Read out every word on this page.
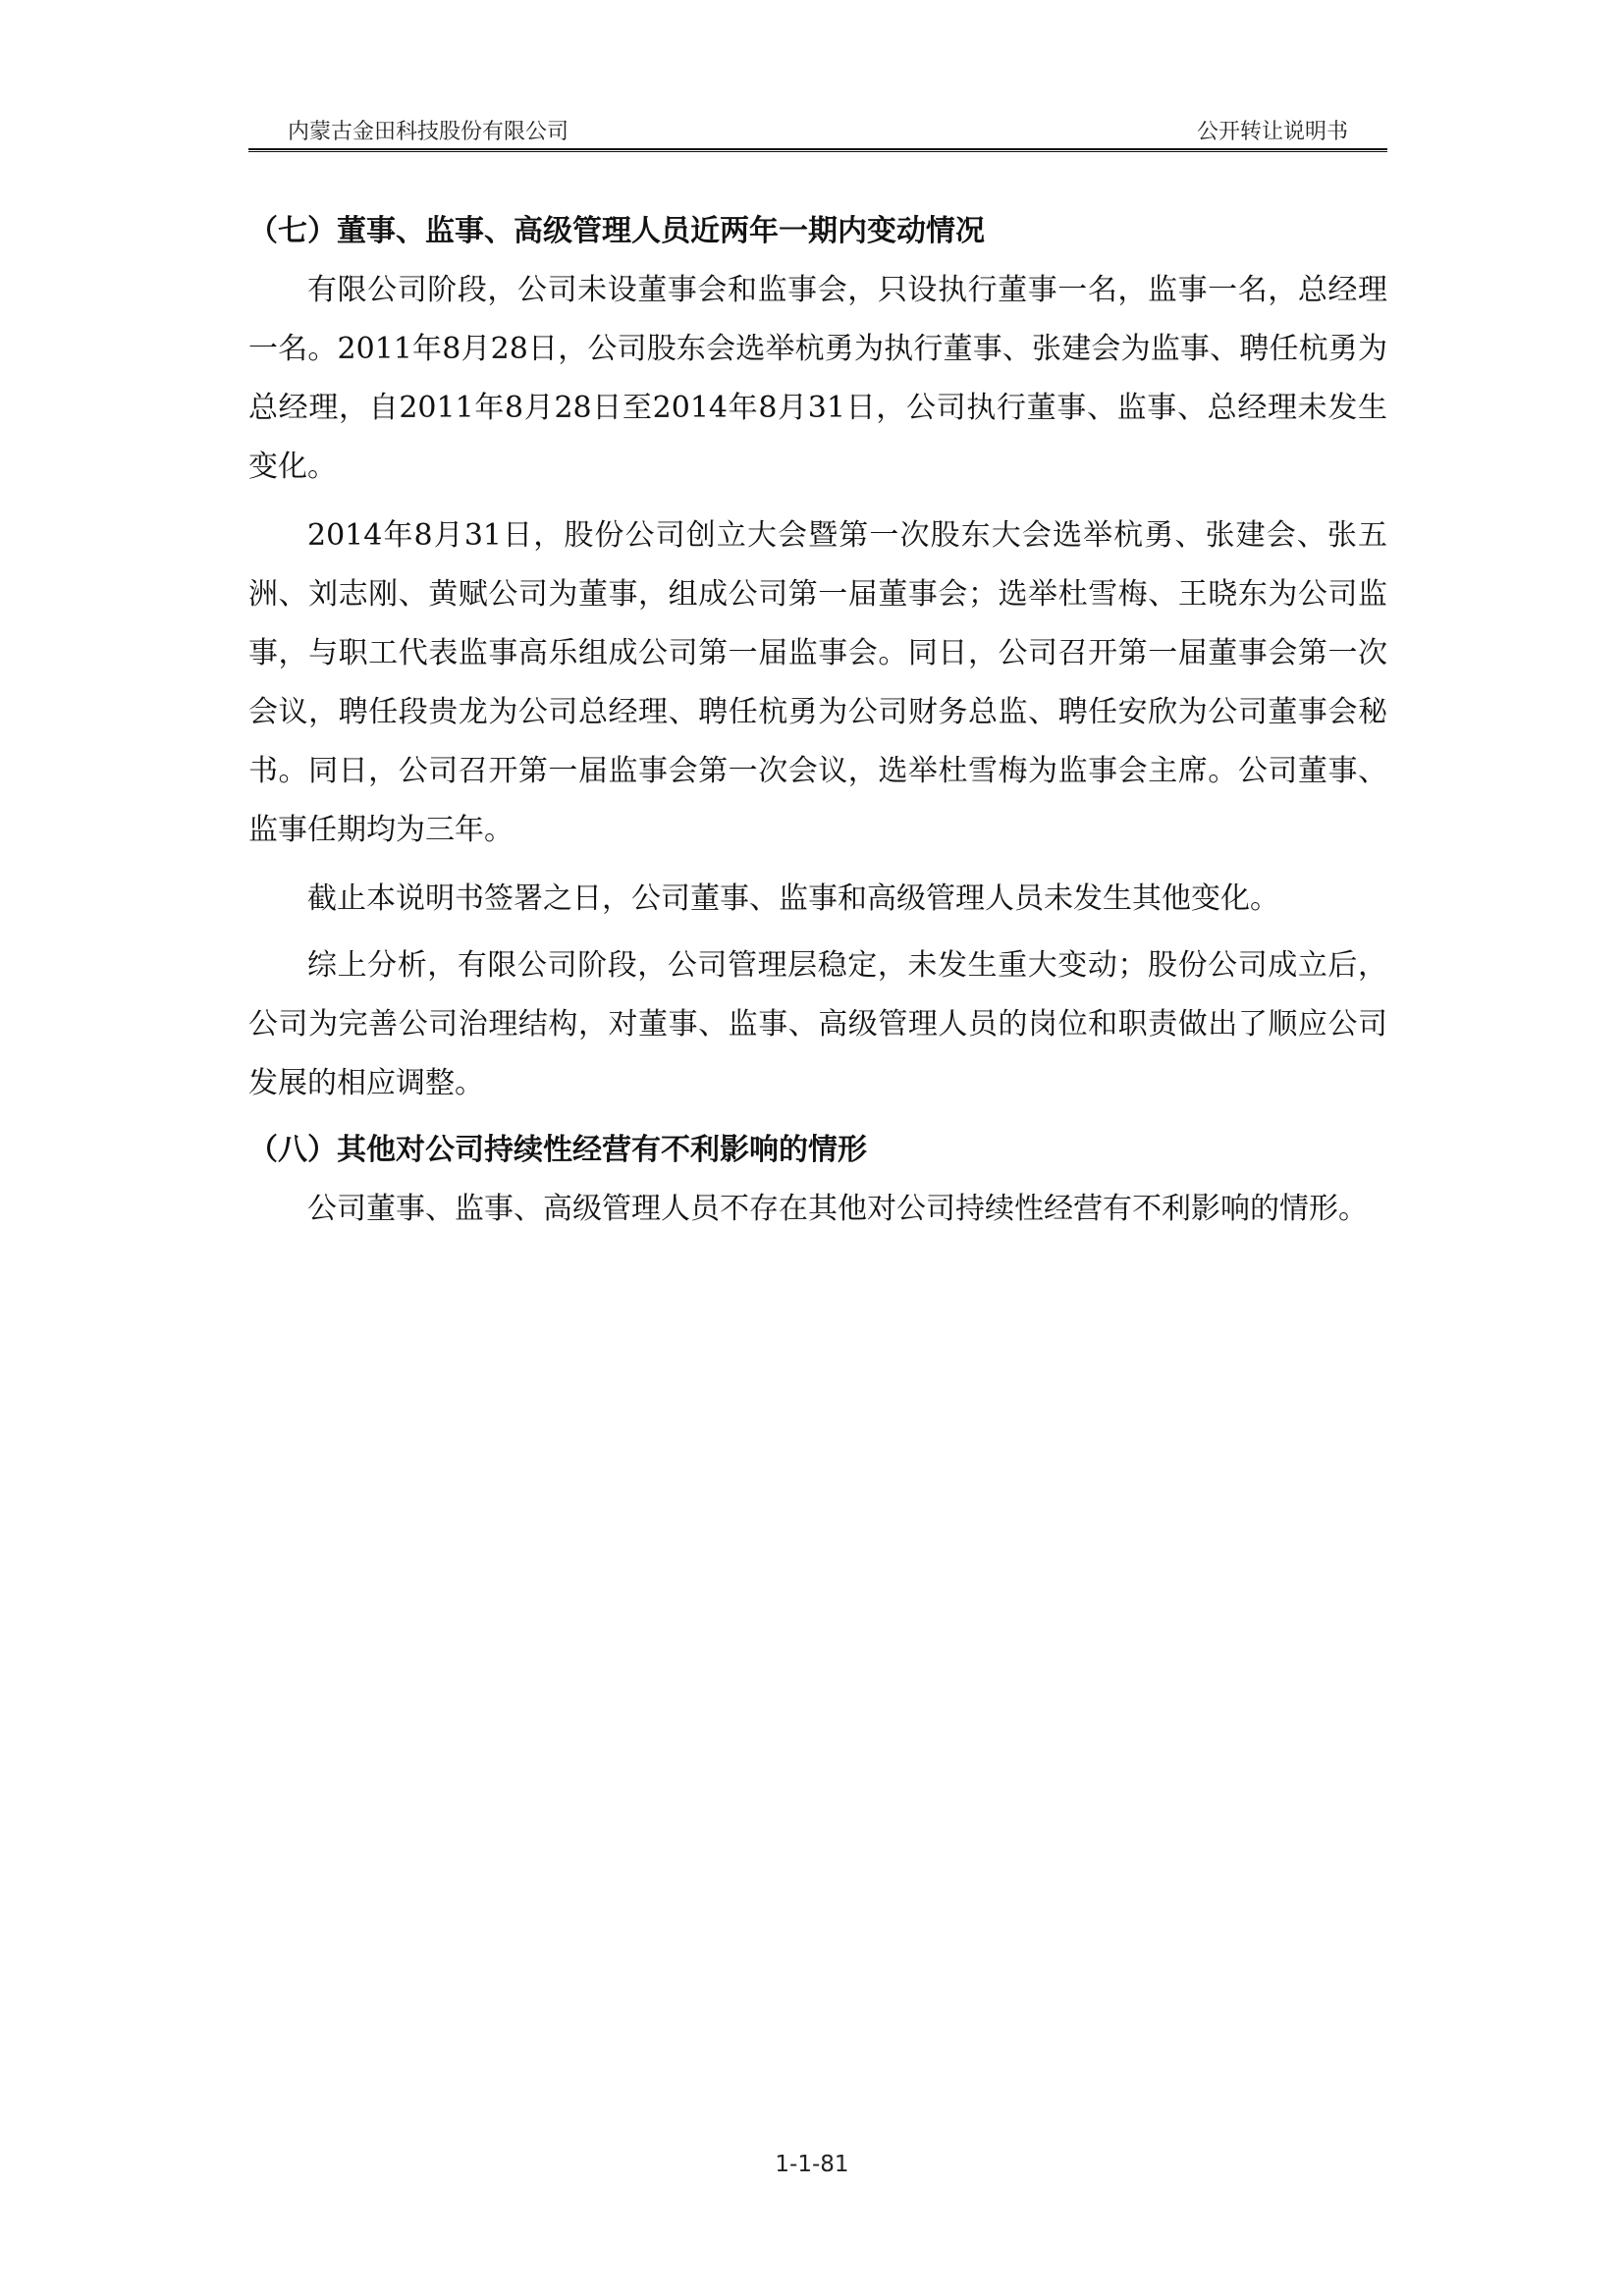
内蒙古金田科技股份有限公司	公开转让说明书
（七）董事、监事、高级管理人员近两年一期内变动情况

有限公司阶段，公司未设董事会和监事会，只设执行董事一名，监事一名，总经理一名。2011年8月28日，公司股东会选举杭勇为执行董事、张建会为监事、聘任杭勇为总经理，自2011年8月28日至2014年8月31日，公司执行董事、监事、总经理未发生变化。

2014年8月31日，股份公司创立大会暨第一次股东大会选举杭勇、张建会、张五洲、刘志刚、黄赋公司为董事，组成公司第一届董事会；选举杜雪梅、王晓东为公司监事，与职工代表监事高乐组成公司第一届监事会。同日，公司召开第一届董事会第一次会议，聘任段贵龙为公司总经理、聘任杭勇为公司财务总监、聘任安欣为公司董事会秘书。同日，公司召开第一届监事会第一次会议，选举杜雪梅为监事会主席。公司董事、监事任期均为三年。

截止本说明书签署之日，公司董事、监事和高级管理人员未发生其他变化。

综上分析，有限公司阶段，公司管理层稳定，未发生重大变动；股份公司成立后，公司为完善公司治理结构，对董事、监事、高级管理人员的岗位和职责做出了顺应公司发展的相应调整。

（八）其他对公司持续性经营有不利影响的情形

公司董事、监事、高级管理人员不存在其他对公司持续性经营有不利影响的情形。

1-1-81
